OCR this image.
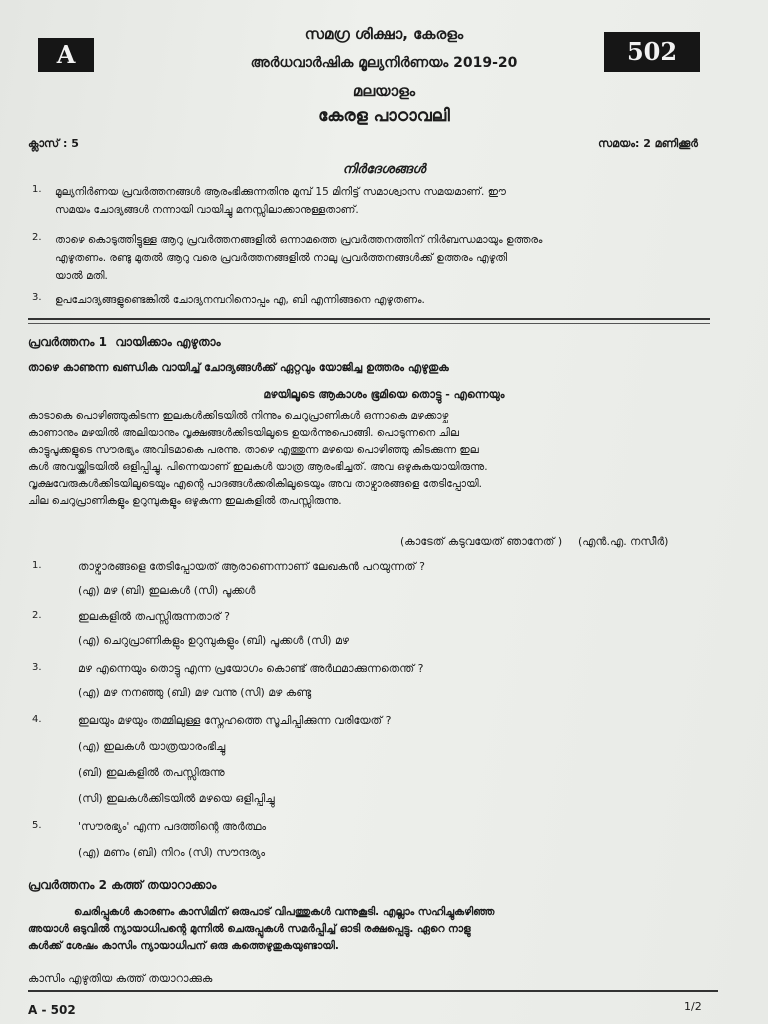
A	502
സമഗ്ര ശിക്ഷാ, കേരളം
അർധവാർഷിക മൂല്യനിർണയം 2019-20
മലയാളം
കേരള പാഠാവലി
ക്ലാസ് : 5	സമയം: 2 മണിക്കൂർ
നിർദേശങ്ങൾ
1. മൂല്യനിർണയ പ്രവർത്തനങ്ങൾ ആരംഭിക്കുന്നതിനു മുമ്പ് 15 മിനിട്ട് സമാശ്വാസ സമയമാണ്. ഈ
സമയം ചോദ്യങ്ങൾ നന്നായി വായിച്ചു മനസ്സിലാക്കാനുള്ളതാണ്.
2. താഴെ കൊടുത്തിട്ടുള്ള ആറു പ്രവർത്തനങ്ങളിൽ ഒന്നാമത്തെ പ്രവർത്തനത്തിന് നിർബന്ധമായും ഉത്തരം
എഴുതണം. രണ്ടു മുതൽ ആറു വരെ പ്രവർത്തനങ്ങളിൽ നാലു പ്രവർത്തനങ്ങൾക്ക് ഉത്തരം എഴുതി
യാൽ മതി.
3. ഉപചോദ്യങ്ങളുണ്ടെങ്കിൽ ചോദ്യനമ്പറിനൊപ്പം എ, ബി എന്നിങ്ങനെ എഴുതണം.
പ്രവർത്തനം 1  വായിക്കാം എഴുതാം
താഴെ കാണുന്ന ഖണ്ഡിക വായിച്ച് ചോദ്യങ്ങൾക്ക് ഏറ്റവും യോജിച്ച ഉത്തരം എഴുതുക
മഴയിലൂടെ ആകാശം ഭൂമിയെ തൊട്ടു - എന്നെയും
കാടാകെ പൊഴിഞ്ഞുകിടന്ന ഇലകൾക്കിടയിൽ നിന്നും ചെറുപ്രാണികൾ ഒന്നാകെ മഴക്കാഴ്ച
കാണാനും മഴയിൽ അലിയാനും വൃക്ഷങ്ങൾക്കിടയിലൂടെ ഉയർന്നുപൊങ്ങി. പൊടുന്നനെ ചില
കാട്ടുപൂക്കളുടെ സൗരഭ്യം അവിടമാകെ പരന്നു. താഴെ എത്തുന്ന മഴയെ പൊഴിഞ്ഞു കിടക്കുന്ന ഇല
കൾ അവയ്ക്കിടയിൽ ഒളിപ്പിച്ചു. പിന്നെയാണ് ഇലകൾ യാത്ര ആരംഭിച്ചത്. അവ ഒഴുകുകയായിരുന്നു.
വൃക്ഷവേരുകൾക്കിടയിലൂടെയും എന്റെ പാദങ്ങൾക്കരികിലൂടെയും അവ താഴ്വാരങ്ങളെ തേടിപ്പോയി.
ചില ചെറുപ്രാണികളും ഉറുമ്പുകളും ഒഴുകുന്ന ഇലകളിൽ തപസ്സിരുന്നു.
(കാടേത് കടുവയേത് ഞാനേത് ) (എൻ.എ. നസീർ)
1.	താഴ്വാരങ്ങളെ തേടിപ്പോയത് ആരാണെന്നാണ് ലേഖകൻ പറയുന്നത് ?
(എ) മഴ (ബി) ഇലകൾ (സി) പൂക്കൾ
2.	ഇലകളിൽ തപസ്സിരുന്നതാര് ?
(എ) ചെറുപ്രാണികളും ഉറുമ്പുകളും (ബി) പൂക്കൾ (സി) മഴ
3.	മഴ എന്നെയും തൊട്ടു എന്ന പ്രയോഗം കൊണ്ട് അർഥമാക്കുന്നതെന്ത് ?
(എ) മഴ നനഞ്ഞു (ബി) മഴ വന്നു (സി) മഴ കണ്ടു
4.	ഇലയും മഴയും തമ്മിലുള്ള സ്നേഹത്തെ സൂചിപ്പിക്കുന്ന വരിയേത് ?
(എ) ഇലകൾ യാത്രയാരംഭിച്ചു
(ബി) ഇലകളിൽ തപസ്സിരുന്നു
(സി) ഇലകൾക്കിടയിൽ മഴയെ ഒളിപ്പിച്ചു
5.	'സൗരഭ്യം' എന്ന പദത്തിന്റെ അർത്ഥം
(എ) മണം (ബി) നിറം (സി) സൗന്ദര്യം
പ്രവർത്തനം 2 കത്ത് തയാറാക്കാം
ചെരിപ്പുകൾ കാരണം കാസിമിന് ഒരുപാട് വിപത്തുകൾ വന്നുകൂടി. എല്ലാം സഹിച്ചുകഴിഞ്ഞ
അയാൾ ഒടുവിൽ ന്യായാധിപന്റെ മുന്നിൽ ചെരുപ്പുകൾ സമർപ്പിച്ച് ഓടി രക്ഷപ്പെട്ടു. ഏറെ നാളു
കൾക്ക് ശേഷം കാസിം ന്യായാധിപന് ഒരു കത്തെഴുതുകയുണ്ടായി.
കാസിം എഴുതിയ കത്ത് തയാറാക്കുക
A - 502	1/2
